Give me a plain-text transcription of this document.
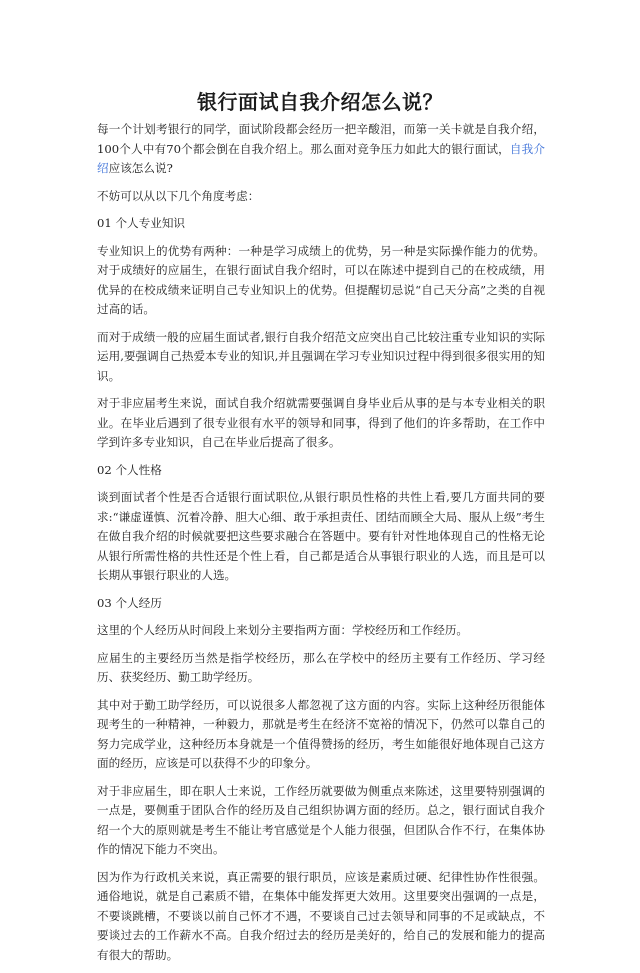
银行面试自我介绍怎么说？

每一个计划考银行的同学，面试阶段都会经历一把辛酸泪，而第一关卡就是自我介绍，100个人中有70个都会倒在自我介绍上。那么面对竞争压力如此大的银行面试，自我介绍应该怎么说?

不妨可以从以下几个角度考虑：

01 个人专业知识

专业知识上的优势有两种：一种是学习成绩上的优势，另一种是实际操作能力的优势。对于成绩好的应届生，在银行面试自我介绍时，可以在陈述中提到自己的在校成绩，用优异的在校成绩来证明自己专业知识上的优势。但提醒切忌说“自己天分高”之类的自视过高的话。

而对于成绩一般的应届生面试者,银行自我介绍范文应突出自己比较注重专业知识的实际运用,要强调自己热爱本专业的知识,并且强调在学习专业知识过程中得到很多很实用的知识。

对于非应届考生来说，面试自我介绍就需要强调自身毕业后从事的是与本专业相关的职业。在毕业后遇到了很专业很有水平的领导和同事，得到了他们的许多帮助，在工作中学到许多专业知识，自己在毕业后提高了很多。

02 个人性格

谈到面试者个性是否合适银行面试职位,从银行职员性格的共性上看,要几方面共同的要求:“谦虚谨慎、沉着冷静、胆大心细、敢于承担责任、团结而顾全大局、服从上级”考生在做自我介绍的时候就要把这些要求融合在答题中。要有针对性地体现自己的性格无论从银行所需性格的共性还是个性上看，自己都是适合从事银行职业的人选，而且是可以长期从事银行职业的人选。

03 个人经历

这里的个人经历从时间段上来划分主要指两方面：学校经历和工作经历。

应届生的主要经历当然是指学校经历，那么在学校中的经历主要有工作经历、学习经历、获奖经历、勤工助学经历。

其中对于勤工助学经历，可以说很多人都忽视了这方面的内容。实际上这种经历很能体现考生的一种精神，一种毅力，那就是考生在经济不宽裕的情况下，仍然可以靠自己的努力完成学业，这种经历本身就是一个值得赞扬的经历，考生如能很好地体现自己这方面的经历，应该是可以获得不少的印象分。

对于非应届生，即在职人士来说，工作经历就要做为侧重点来陈述，这里要特别强调的一点是，要侧重于团队合作的经历及自己组织协调方面的经历。总之，银行面试自我介绍一个大的原则就是考生不能让考官感觉是个人能力很强，但团队合作不行，在集体协作的情况下能力不突出。

因为作为行政机关来说，真正需要的银行职员，应该是素质过硬、纪律性协作性很强。通俗地说，就是自己素质不错，在集体中能发挥更大效用。这里要突出强调的一点是，不要谈跳槽，不要谈以前自己怀才不遇，不要谈自己过去领导和同事的不足或缺点，不要谈过去的工作薪水不高。自我介绍过去的经历是美好的，给自己的发展和能力的提高有很大的帮助。
